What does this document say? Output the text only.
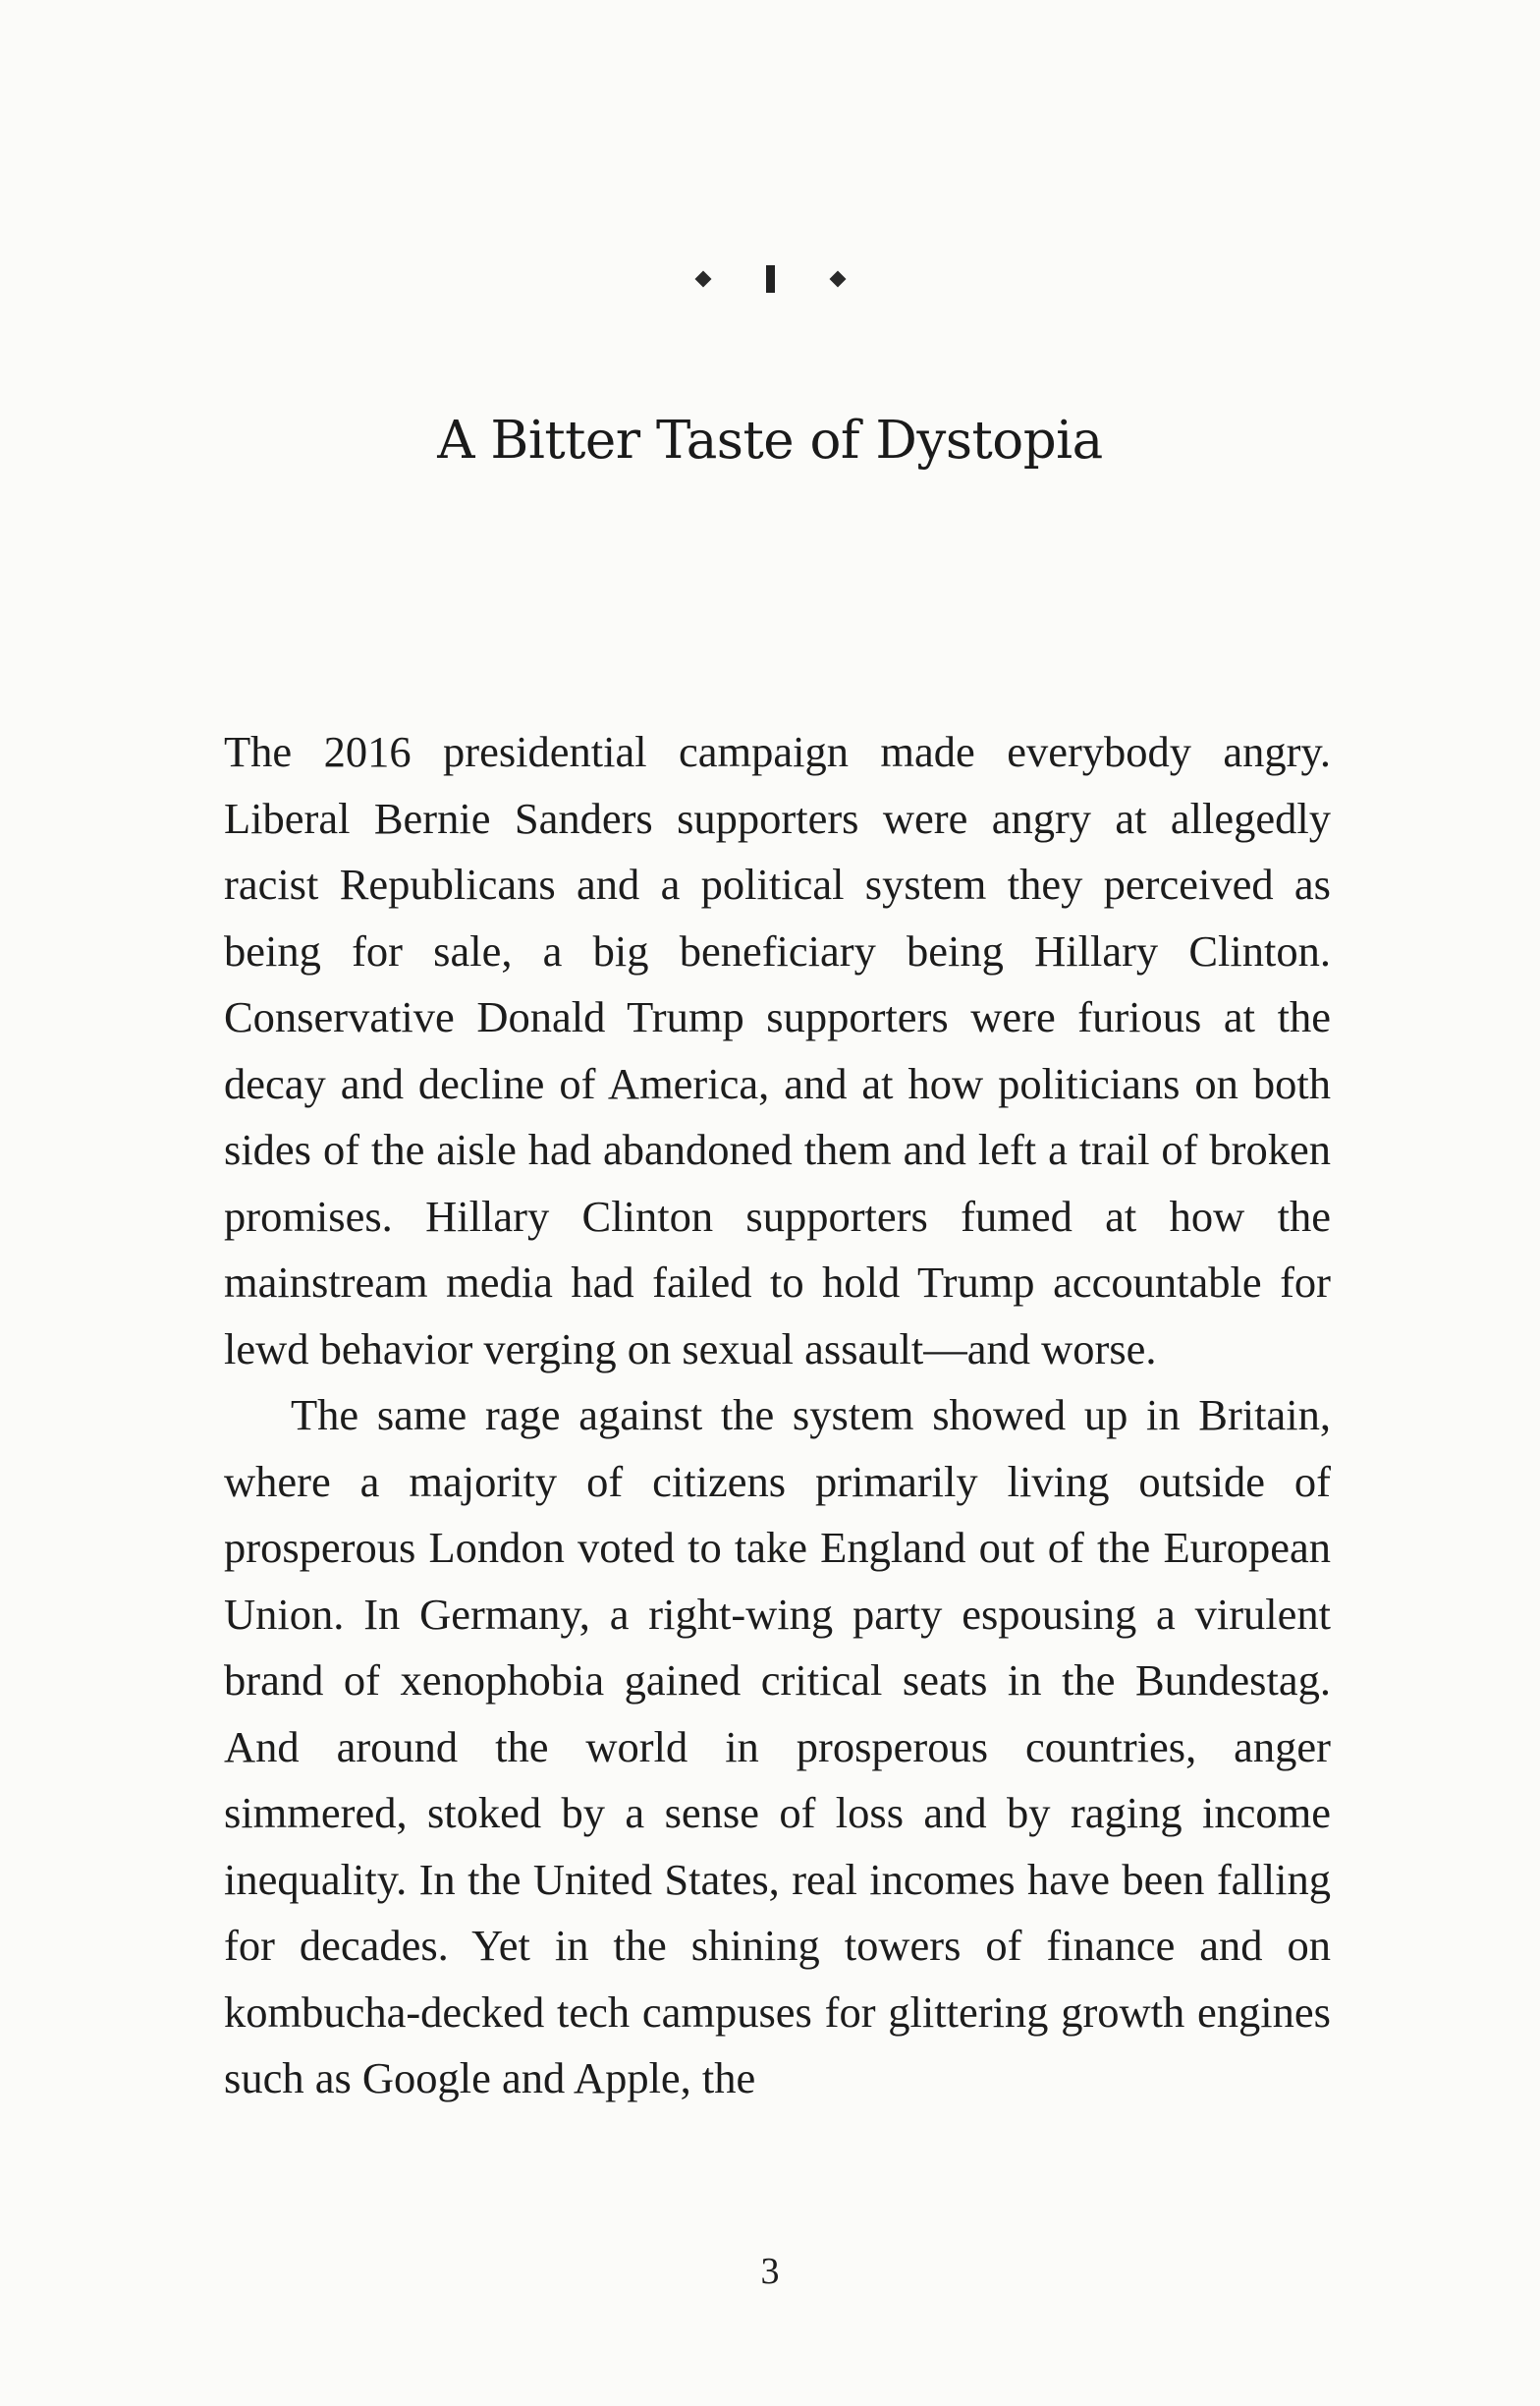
A Bitter Taste of Dystopia

The 2016 presidential campaign made everybody angry. Liberal Bernie Sanders supporters were angry at allegedly racist Republicans and a political system they perceived as being for sale, a big beneficiary being Hillary Clinton. Conservative Donald Trump supporters were furious at the decay and decline of America, and at how politicians on both sides of the aisle had abandoned them and left a trail of broken promises. Hillary Clinton supporters fumed at how the mainstream media had failed to hold Trump accountable for lewd behavior verging on sexual assault—and worse.

The same rage against the system showed up in Britain, where a majority of citizens primarily living outside of prosperous London voted to take England out of the European Union. In Germany, a right-wing party espousing a virulent brand of xenophobia gained critical seats in the Bundestag. And around the world in prosperous countries, anger simmered, stoked by a sense of loss and by raging income inequality. In the United States, real incomes have been falling for decades. Yet in the shining towers of finance and on kombucha-decked tech campuses for glittering growth engines such as Google and Apple, the

3
